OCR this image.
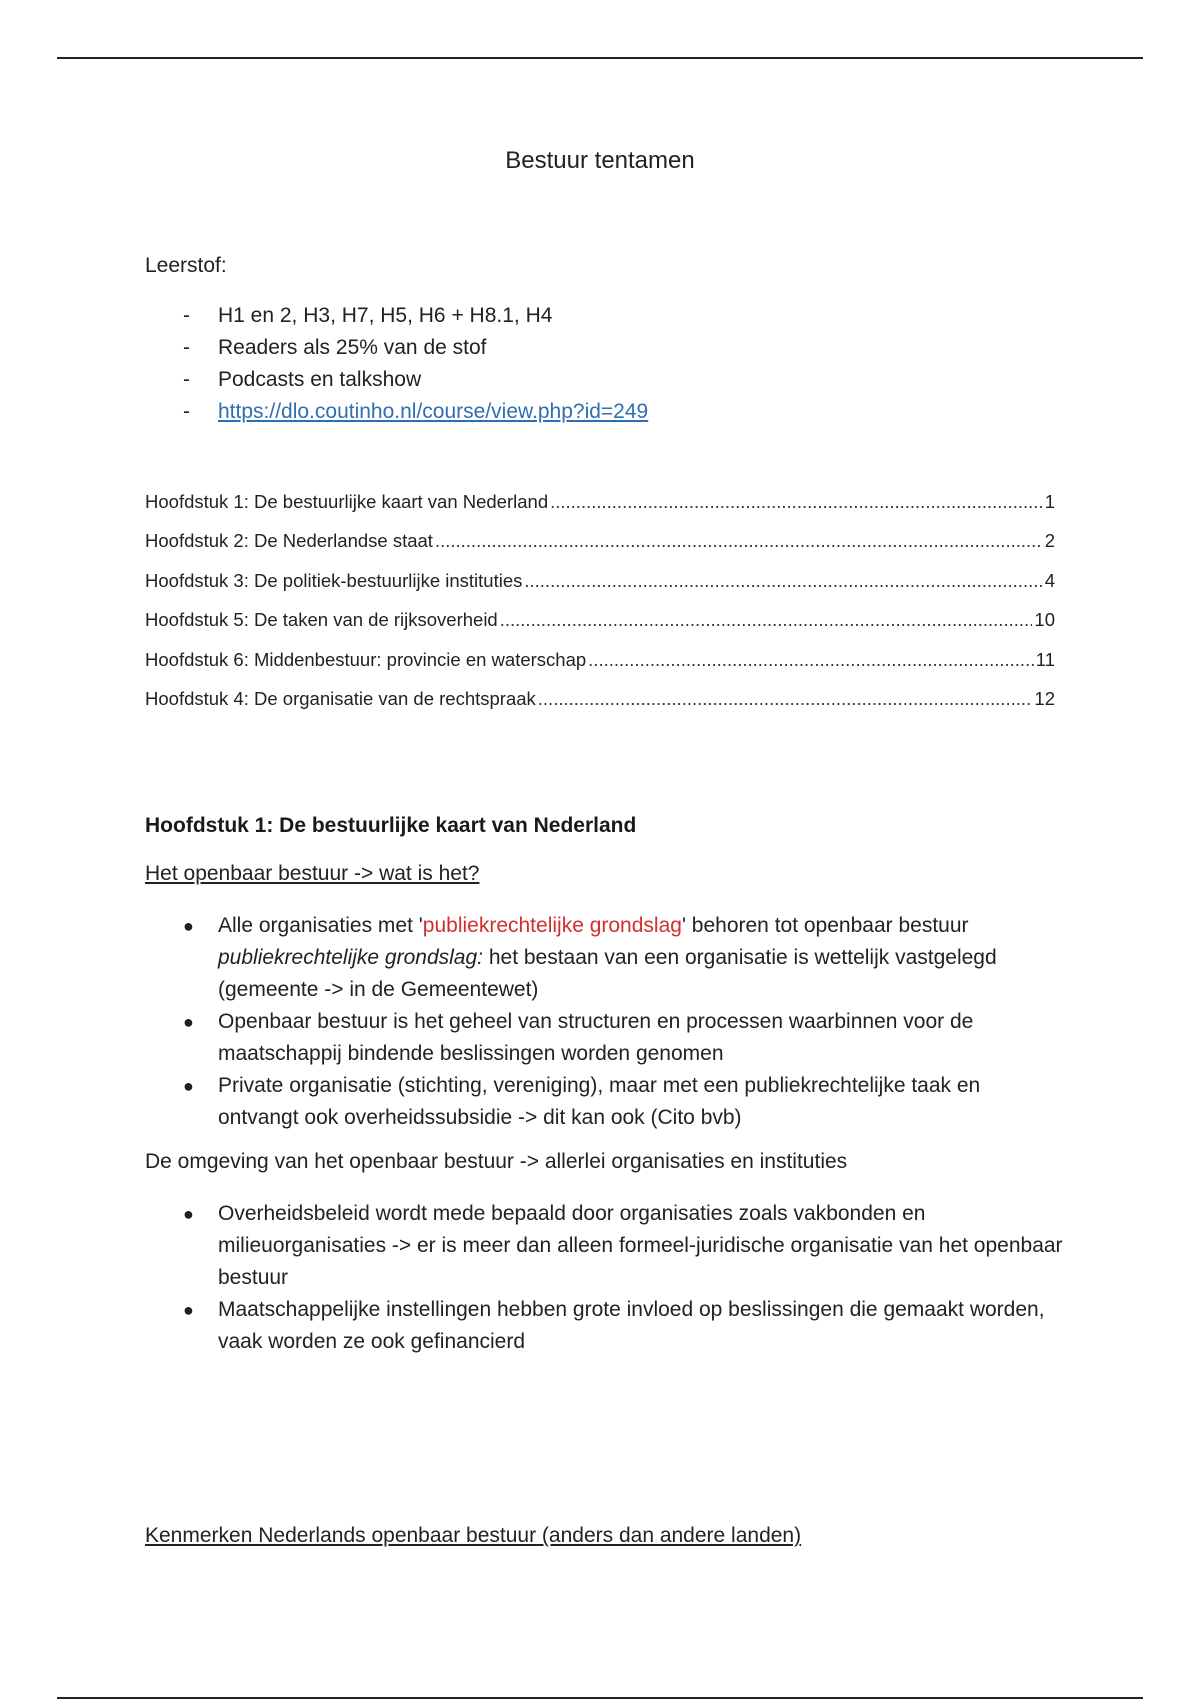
Bestuur tentamen
Leerstof:
- H1 en 2, H3, H7, H5, H6 + H8.1, H4
- Readers als 25% van de stof
- Podcasts en talkshow
- https://dlo.coutinho.nl/course/view.php?id=249
Hoofdstuk 1: De bestuurlijke kaart van Nederland .....	1
Hoofdstuk 2: De Nederlandse staat .....	2
Hoofdstuk 3: De politiek-bestuurlijke instituties .....	4
Hoofdstuk 5: De taken van de rijksoverheid .....	10
Hoofdstuk 6: Middenbestuur: provincie en waterschap .....	11
Hoofdstuk 4: De organisatie van de rechtspraak .....	12
Hoofdstuk 1: De bestuurlijke kaart van Nederland
Het openbaar bestuur -> wat is het?
● Alle organisaties met 'publiekrechtelijke grondslag' behoren tot openbaar bestuur
publiekrechtelijke grondslag: het bestaan van een organisatie is wettelijk vastgelegd (gemeente -> in de Gemeentewet)
● Openbaar bestuur is het geheel van structuren en processen waarbinnen voor de maatschappij bindende beslissingen worden genomen
● Private organisatie (stichting, vereniging), maar met een publiekrechtelijke taak en ontvangt ook overheidssubsidie -> dit kan ook (Cito bvb)
De omgeving van het openbaar bestuur -> allerlei organisaties en instituties
● Overheidsbeleid wordt mede bepaald door organisaties zoals vakbonden en milieuorganisaties -> er is meer dan alleen formeel-juridische organisatie van het openbaar bestuur
● Maatschappelijke instellingen hebben grote invloed op beslissingen die gemaakt worden, vaak worden ze ook gefinancierd
Kenmerken Nederlands openbaar bestuur (anders dan andere landen)
